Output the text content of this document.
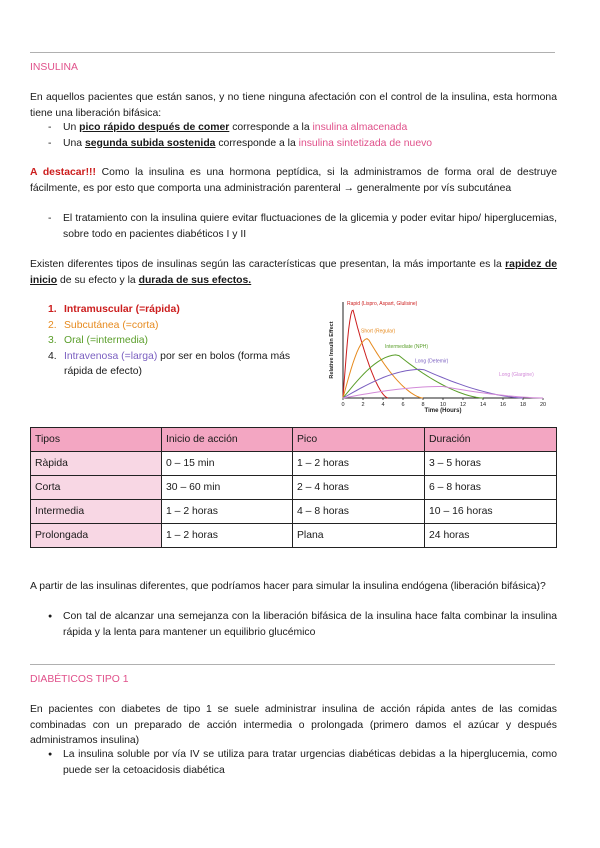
INSULINA
En aquellos pacientes que están sanos, y no tiene ninguna afectación con el control de la insulina, esta hormona tiene una liberación bifásica:
- Un pico rápido después de comer corresponde a la insulina almacenada
- Una segunda subida sostenida corresponde a la insulina sintetizada de nuevo
A destacar!!! Como la insulina es una hormona peptídica, si la administramos de forma oral de destruye fácilmente, es por esto que comporta una administración parenteral → generalmente por vís subcutánea
- El tratamiento con la insulina quiere evitar fluctuaciones de la glicemia y poder evitar hipo/ hiperglucemias, sobre todo en pacientes diabéticos I y II
Existen diferentes tipos de insulinas según las características que presentan, la más importante es la rapidez de inicio de su efecto y la durada de sus efectos.
1. Intramuscular (=rápida)
2. Subcutánea (=corta)
3. Oral (=intermedia)
4. Intravenosa (=larga) por ser en bolos (forma más rápida de efecto)
0	2	4	6	8	10	12	14	16	18	20
Time (Hours)
Relative Insulin Effect
Rapid (Lispro, Aspart, Glulisine)
Short (Regular)
Intermediate (NPH)
Long (Detemir)
Long (Glargine)
Tipos	Inicio de acción	Pico	Duración
Ràpida	0 – 15 min	1 – 2 horas	3 – 5 horas
Corta	30 – 60 min	2 – 4 horas	6 – 8 horas
Intermedia	1 – 2 horas	4 – 8 horas	10 – 16 horas
Prolongada	1 – 2 horas	Plana	24 horas
A partir de las insulinas diferentes, que podríamos hacer para simular la insulina endógena (liberación bifásica)?
● Con tal de alcanzar una semejanza con la liberación bifásica de la insulina hace falta combinar la insulina rápida y la lenta para mantener un equilibrio glucémico
DIABÉTICOS TIPO 1
En pacientes con diabetes de tipo 1 se suele administrar insulina de acción rápida antes de las comidas combinadas con un preparado de acción intermedia o prolongada (primero damos el azúcar y después administramos insulina)
● La insulina soluble por vía IV se utiliza para tratar urgencias diabéticas debidas a la hiperglucemia, como puede ser la cetoacidosis diabética
